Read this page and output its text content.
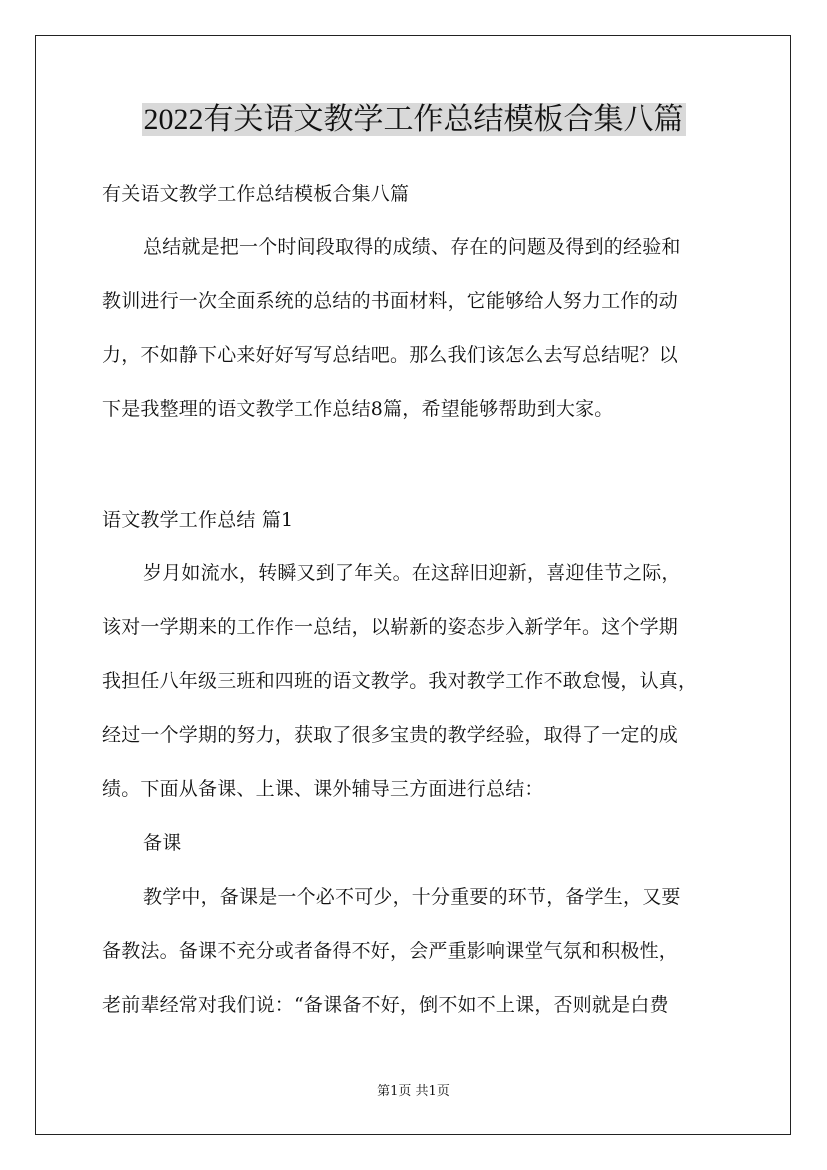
2022有关语文教学工作总结模板合集八篇
有关语文教学工作总结模板合集八篇
总结就是把一个时间段取得的成绩、存在的问题及得到的经验和
教训进行一次全面系统的总结的书面材料，它能够给人努力工作的动
力，不如静下心来好好写写总结吧。那么我们该怎么去写总结呢？以
下是我整理的语文教学工作总结8篇，希望能够帮助到大家。
语文教学工作总结 篇1
岁月如流水，转瞬又到了年关。在这辞旧迎新，喜迎佳节之际，
该对一学期来的工作作一总结，以崭新的姿态步入新学年。这个学期
我担任八年级三班和四班的语文教学。我对教学工作不敢怠慢，认真，
经过一个学期的努力，获取了很多宝贵的教学经验，取得了一定的成
绩。下面从备课、上课、课外辅导三方面进行总结：
备课
教学中，备课是一个必不可少，十分重要的环节，备学生，又要
备教法。备课不充分或者备得不好，会严重影响课堂气氛和积极性，
老前辈经常对我们说：“备课备不好，倒不如不上课，否则就是白费
第1页 共1页
